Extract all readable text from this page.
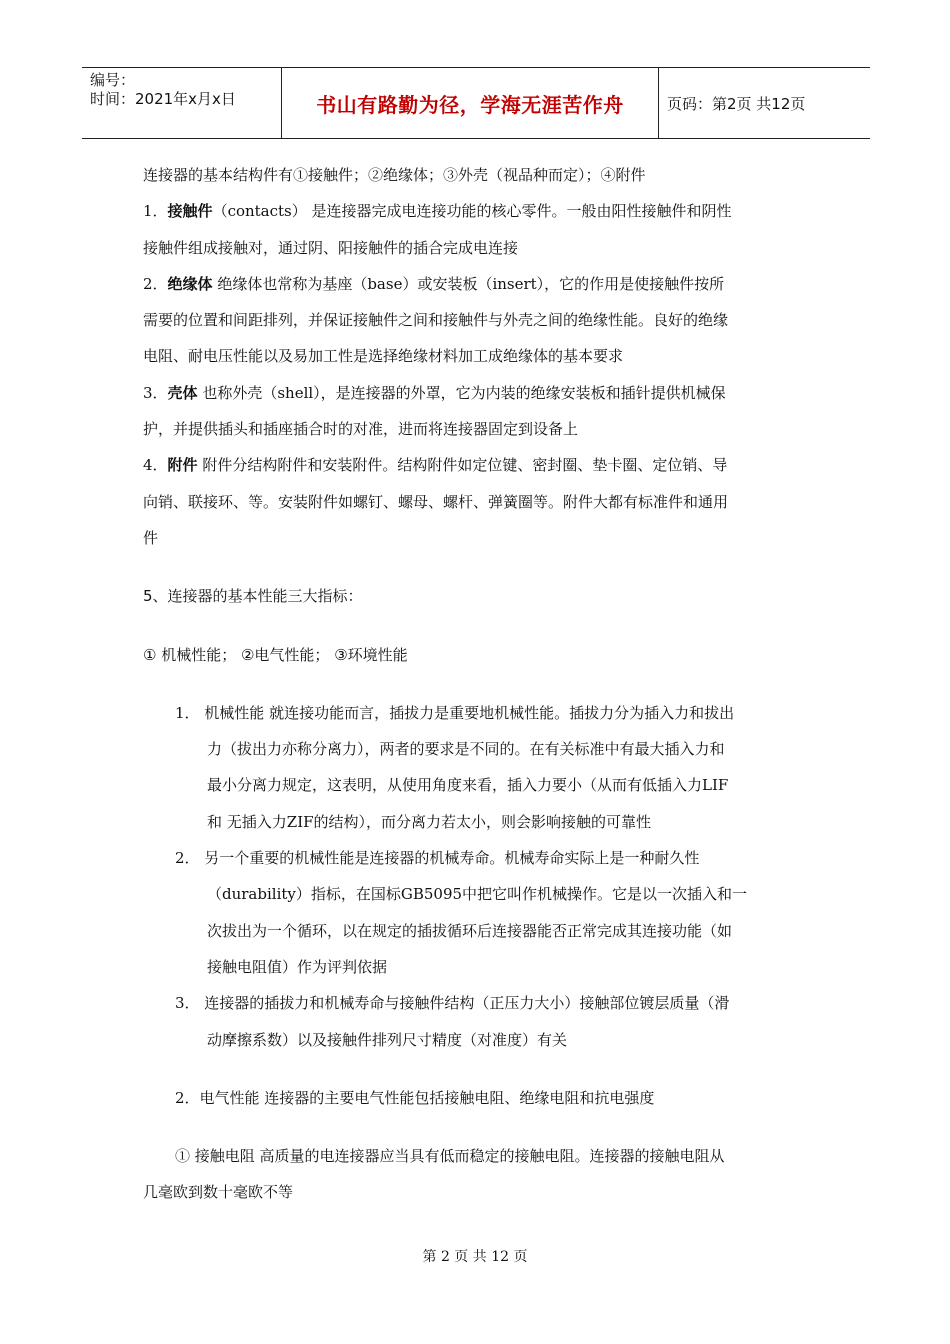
编号：
时间：2021年x月x日	书山有路勤为径，学海无涯苦作舟	页码：第2页 共12页
连接器的基本结构件有①接触件；②绝缘体；③外壳（视品种而定）；④附件
1．接触件（contacts） 是连接器完成电连接功能的核心零件。一般由阳性接触件和阴性
接触件组成接触对，通过阴、阳接触件的插合完成电连接
2．绝缘体 绝缘体也常称为基座（base）或安装板（insert），它的作用是使接触件按所
需要的位置和间距排列，并保证接触件之间和接触件与外壳之间的绝缘性能。良好的绝缘
电阻、耐电压性能以及易加工性是选择绝缘材料加工成绝缘体的基本要求
3．壳体 也称外壳（shell），是连接器的外罩，它为内装的绝缘安装板和插针提供机械保
护，并提供插头和插座插合时的对准，进而将连接器固定到设备上
4．附件 附件分结构附件和安装附件。结构附件如定位键、密封圈、垫卡圈、定位销、导
向销、联接环、等。安装附件如螺钉、螺母、螺杆、弹簧圈等。附件大都有标准件和通用
件
5、连接器的基本性能三大指标：
① 机械性能； ②电气性能； ③环境性能
1． 机械性能 就连接功能而言，插拔力是重要地机械性能。插拔力分为插入力和拔出
力（拔出力亦称分离力），两者的要求是不同的。在有关标准中有最大插入力和
最小分离力规定，这表明，从使用角度来看，插入力要小（从而有低插入力LIF
和 无插入力ZIF的结构），而分离力若太小，则会影响接触的可靠性
2． 另一个重要的机械性能是连接器的机械寿命。机械寿命实际上是一种耐久性
（durability）指标，在国标GB5095中把它叫作机械操作。它是以一次插入和一
次拔出为一个循环，以在规定的插拔循环后连接器能否正常完成其连接功能（如
接触电阻值）作为评判依据
3． 连接器的插拔力和机械寿命与接触件结构（正压力大小）接触部位镀层质量（滑
动摩擦系数）以及接触件排列尺寸精度（对准度）有关
2．电气性能 连接器的主要电气性能包括接触电阻、绝缘电阻和抗电强度
① 接触电阻 高质量的电连接器应当具有低而稳定的接触电阻。连接器的接触电阻从
几毫欧到数十毫欧不等
第 2 页 共 12 页
